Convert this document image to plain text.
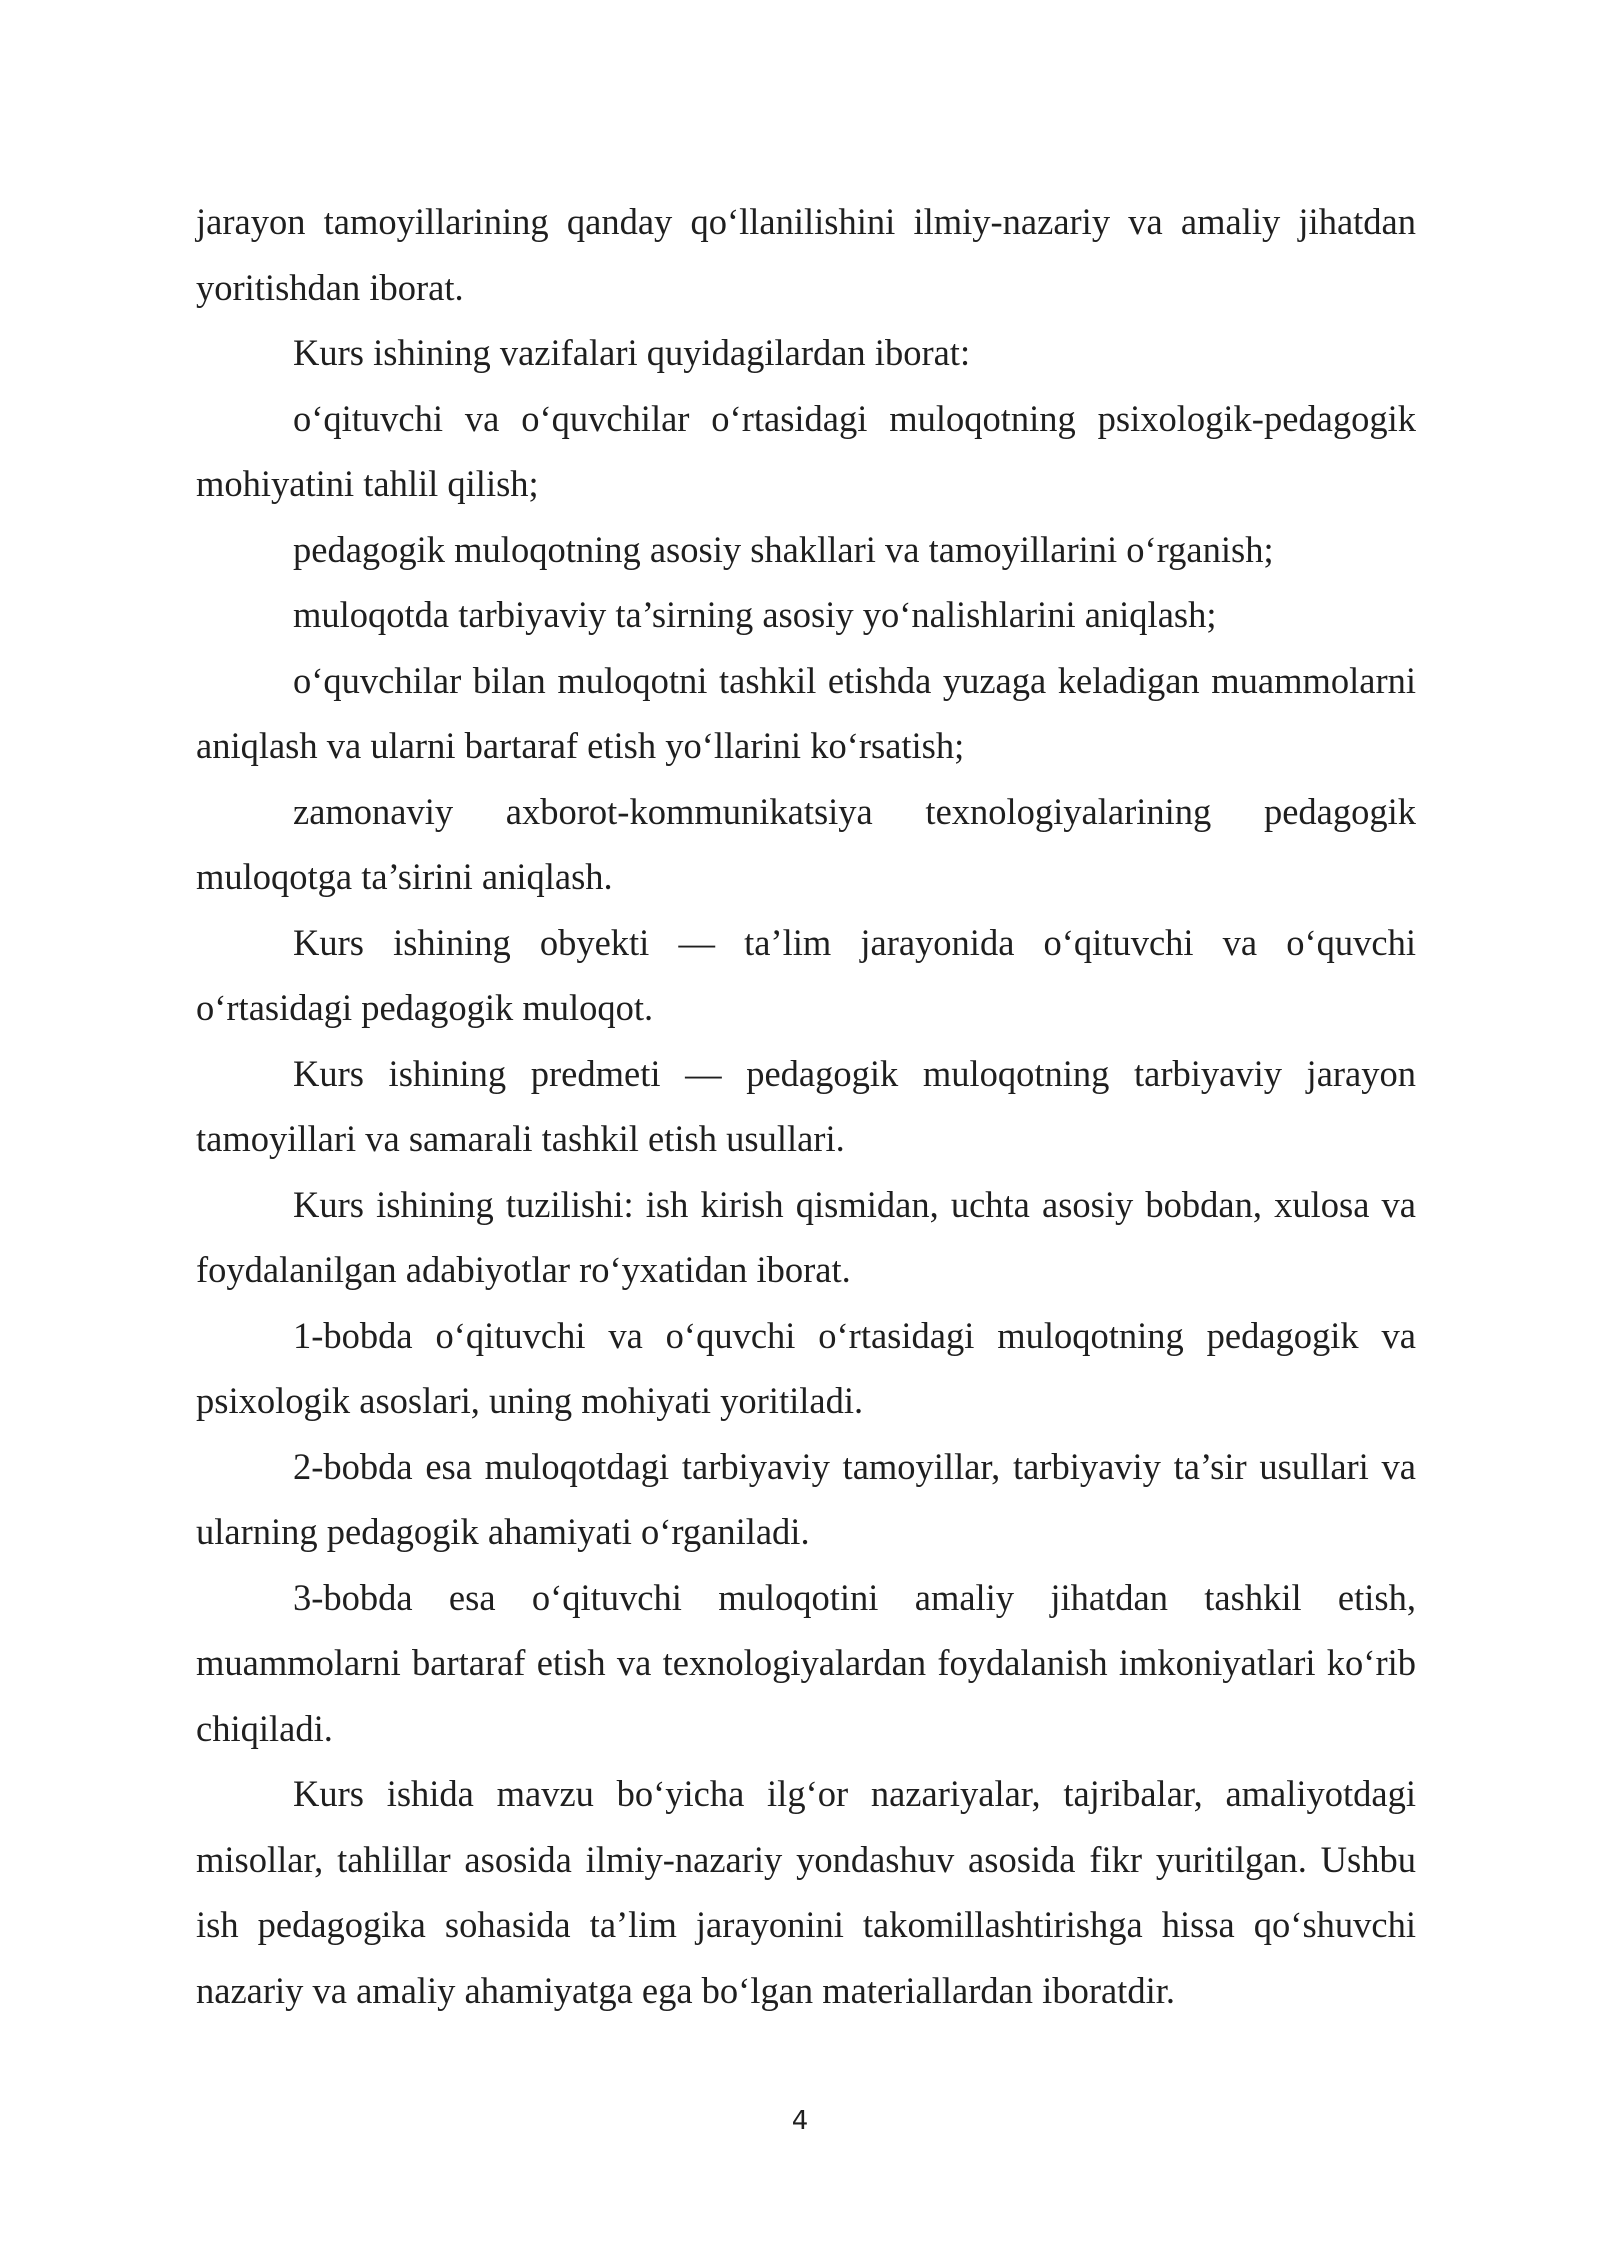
jarayon tamoyillarining qanday qo‘llanilishini ilmiy-nazariy va amaliy jihatdan yoritishdan iborat.

Kurs ishining vazifalari quyidagilardan iborat:

o‘qituvchi va o‘quvchilar o‘rtasidagi muloqotning psixologik-pedagogik mohiyatini tahlil qilish;

pedagogik muloqotning asosiy shakllari va tamoyillarini o‘rganish;

muloqotda tarbiyaviy ta’sirning asosiy yo‘nalishlarini aniqlash;

o‘quvchilar bilan muloqotni tashkil etishda yuzaga keladigan muammolarni aniqlash va ularni bartaraf etish yo‘llarini ko‘rsatish;

zamonaviy axborot-kommunikatsiya texnologiyalarining pedagogik muloqotga ta’sirini aniqlash.

Kurs ishining obyekti — ta’lim jarayonida o‘qituvchi va o‘quvchi o‘rtasidagi pedagogik muloqot.

Kurs ishining predmeti — pedagogik muloqotning tarbiyaviy jarayon tamoyillari va samarali tashkil etish usullari.

Kurs ishining tuzilishi: ish kirish qismidan, uchta asosiy bobdan, xulosa va foydalanilgan adabiyotlar ro‘yxatidan iborat.

1-bobda o‘qituvchi va o‘quvchi o‘rtasidagi muloqotning pedagogik va psixologik asoslari, uning mohiyati yoritiladi.

2-bobda esa muloqotdagi tarbiyaviy tamoyillar, tarbiyaviy ta’sir usullari va ularning pedagogik ahamiyati o‘rganiladi.

3-bobda esa o‘qituvchi muloqotini amaliy jihatdan tashkil etish, muammolarni bartaraf etish va texnologiyalardan foydalanish imkoniyatlari ko‘rib chiqiladi.

Kurs ishida mavzu bo‘yicha ilg‘or nazariyalar, tajribalar, amaliyotdagi misollar, tahlillar asosida ilmiy-nazariy yondashuv asosida fikr yuritilgan. Ushbu ish pedagogika sohasida ta’lim jarayonini takomillashtirishga hissa qo‘shuvchi nazariy va amaliy ahamiyatga ega bo‘lgan materiallardan iboratdir.

4
